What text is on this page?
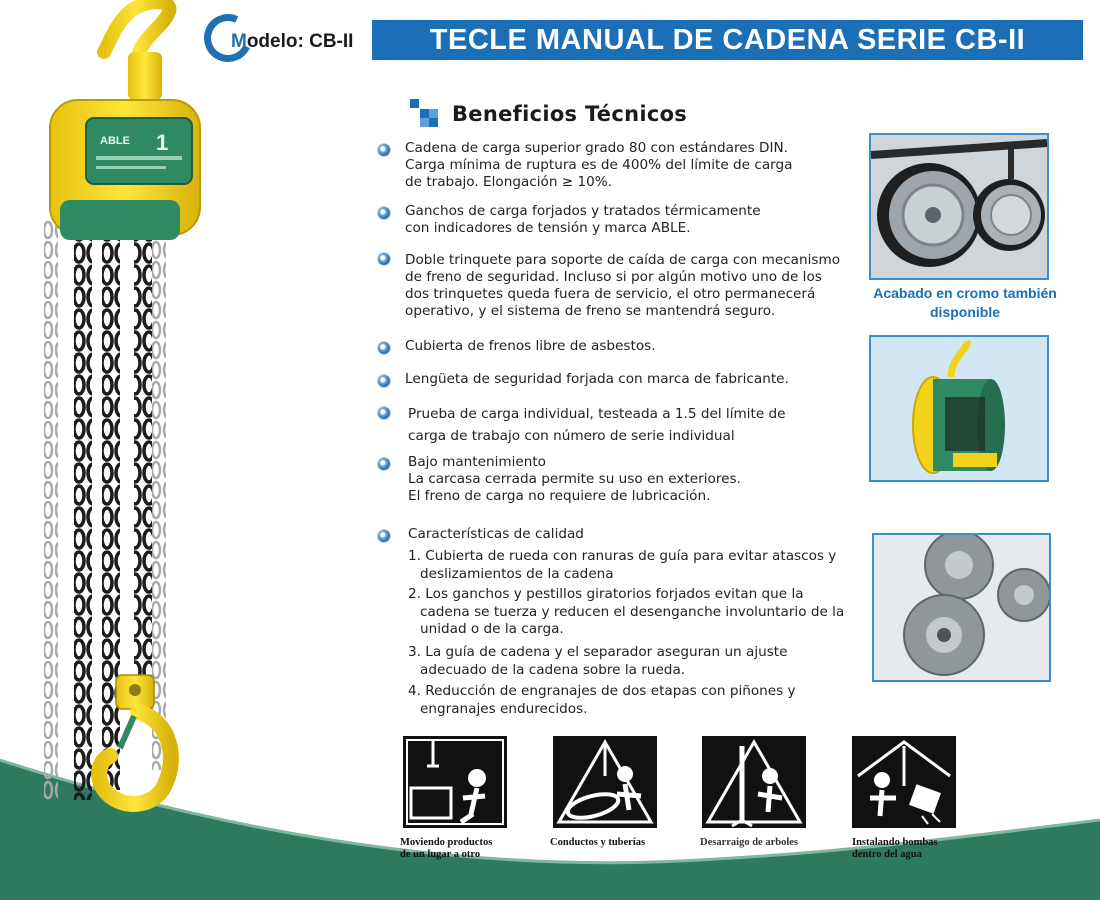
Modelo: CB-II	TECLE MANUAL DE CADENA SERIE CB-II
ABLE 1
Beneficios Técnicos
Cadena de carga superior grado 80 con estándares DIN.
Carga mínima de ruptura es de 400% del límite de carga
de trabajo. Elongación ≥ 10%.
Ganchos de carga forjados y tratados térmicamente
con indicadores de tensión y marca ABLE.
Doble trinquete para soporte de caída de carga con mecanismo
de freno de seguridad. Incluso si por algún motivo uno de los
dos trinquetes queda fuera de servicio, el otro permanecerá
operativo, y el sistema de freno se mantendrá seguro.
Cubierta de frenos libre de asbestos.
Lengüeta de seguridad forjada con marca de fabricante.
Prueba de carga individual, testeada a 1.5 del límite de
carga de trabajo con número de serie individual
Bajo mantenimiento
La carcasa cerrada permite su uso en exteriores.
El freno de carga no requiere de lubricación.
Características de calidad
1. Cubierta de rueda con ranuras de guía para evitar atascos y
deslizamientos de la cadena
2. Los ganchos y pestillos giratorios forjados evitan que la
cadena se tuerza y reducen el desenganche involuntario de la
unidad o de la carga.
3. La guía de cadena y el separador aseguran un ajuste
adecuado de la cadena sobre la rueda.
4. Reducción de engranajes de dos etapas con piñones y
engranajes endurecidos.
Acabado en cromo también
disponible
Moviendo productos
de un lugar a otro
Conductos y tuberías	Desarraigo de arboles	Instalando bombas
dentro del agua
